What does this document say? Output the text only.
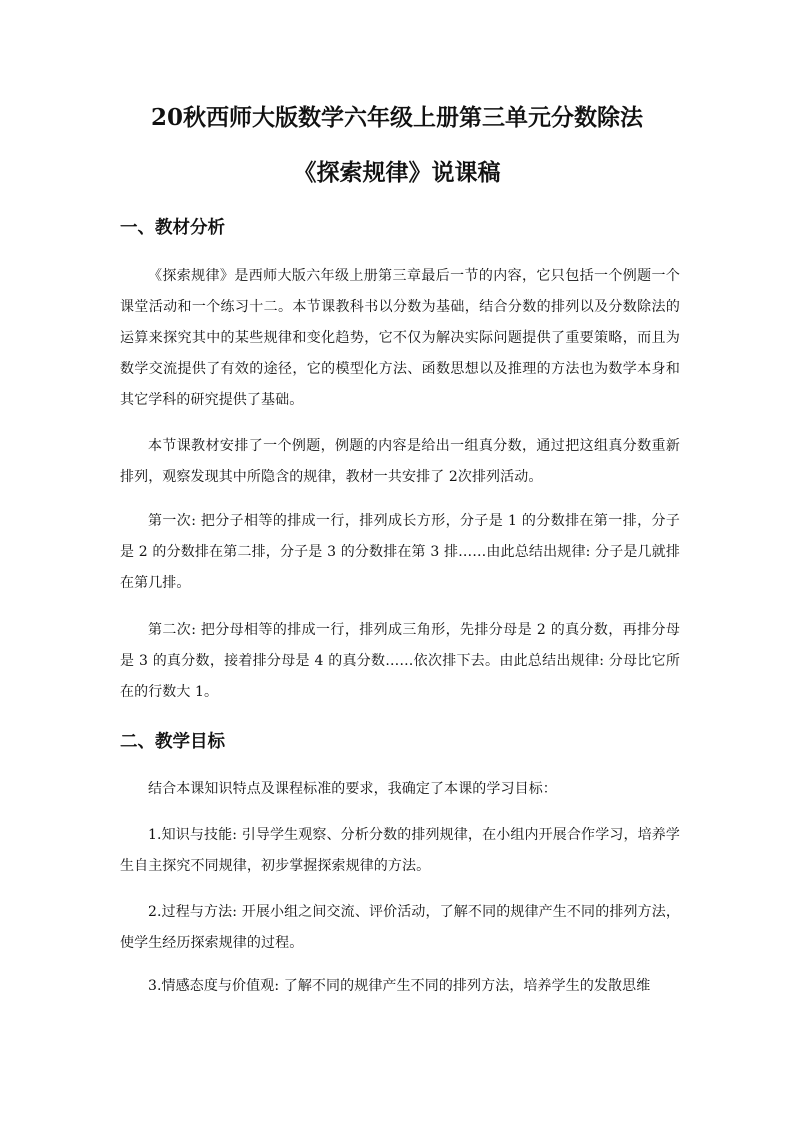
20秋西师大版数学六年级上册第三单元分数除法
《探索规律》说课稿
一、教材分析
《探索规律》是西师大版六年级上册第三章最后一节的内容，它只包括一个例题一个课堂活动和一个练习十二。本节课教科书以分数为基础，结合分数的排列以及分数除法的运算来探究其中的某些规律和变化趋势，它不仅为解决实际问题提供了重要策略，而且为数学交流提供了有效的途径，它的模型化方法、函数思想以及推理的方法也为数学本身和其它学科的研究提供了基础。
本节课教材安排了一个例题，例题的内容是给出一组真分数，通过把这组真分数重新排列，观察发现其中所隐含的规律，教材一共安排了 2次排列活动。
第一次: 把分子相等的排成一行，排列成长方形，分子是 1 的分数排在第一排，分子是 2 的分数排在第二排，分子是 3 的分数排在第 3 排……由此总结出规律: 分子是几就排在第几排。
第二次: 把分母相等的排成一行，排列成三角形，先排分母是 2 的真分数，再排分母是 3 的真分数，接着排分母是 4 的真分数……依次排下去。由此总结出规律: 分母比它所在的行数大 1。
二、教学目标
结合本课知识特点及课程标准的要求，我确定了本课的学习目标：
1.知识与技能: 引导学生观察、分析分数的排列规律，在小组内开展合作学习，培养学生自主探究不同规律，初步掌握探索规律的方法。
2.过程与方法: 开展小组之间交流、评价活动，了解不同的规律产生不同的排列方法，使学生经历探索规律的过程。
3.情感态度与价值观: 了解不同的规律产生不同的排列方法，培养学生的发散思维
